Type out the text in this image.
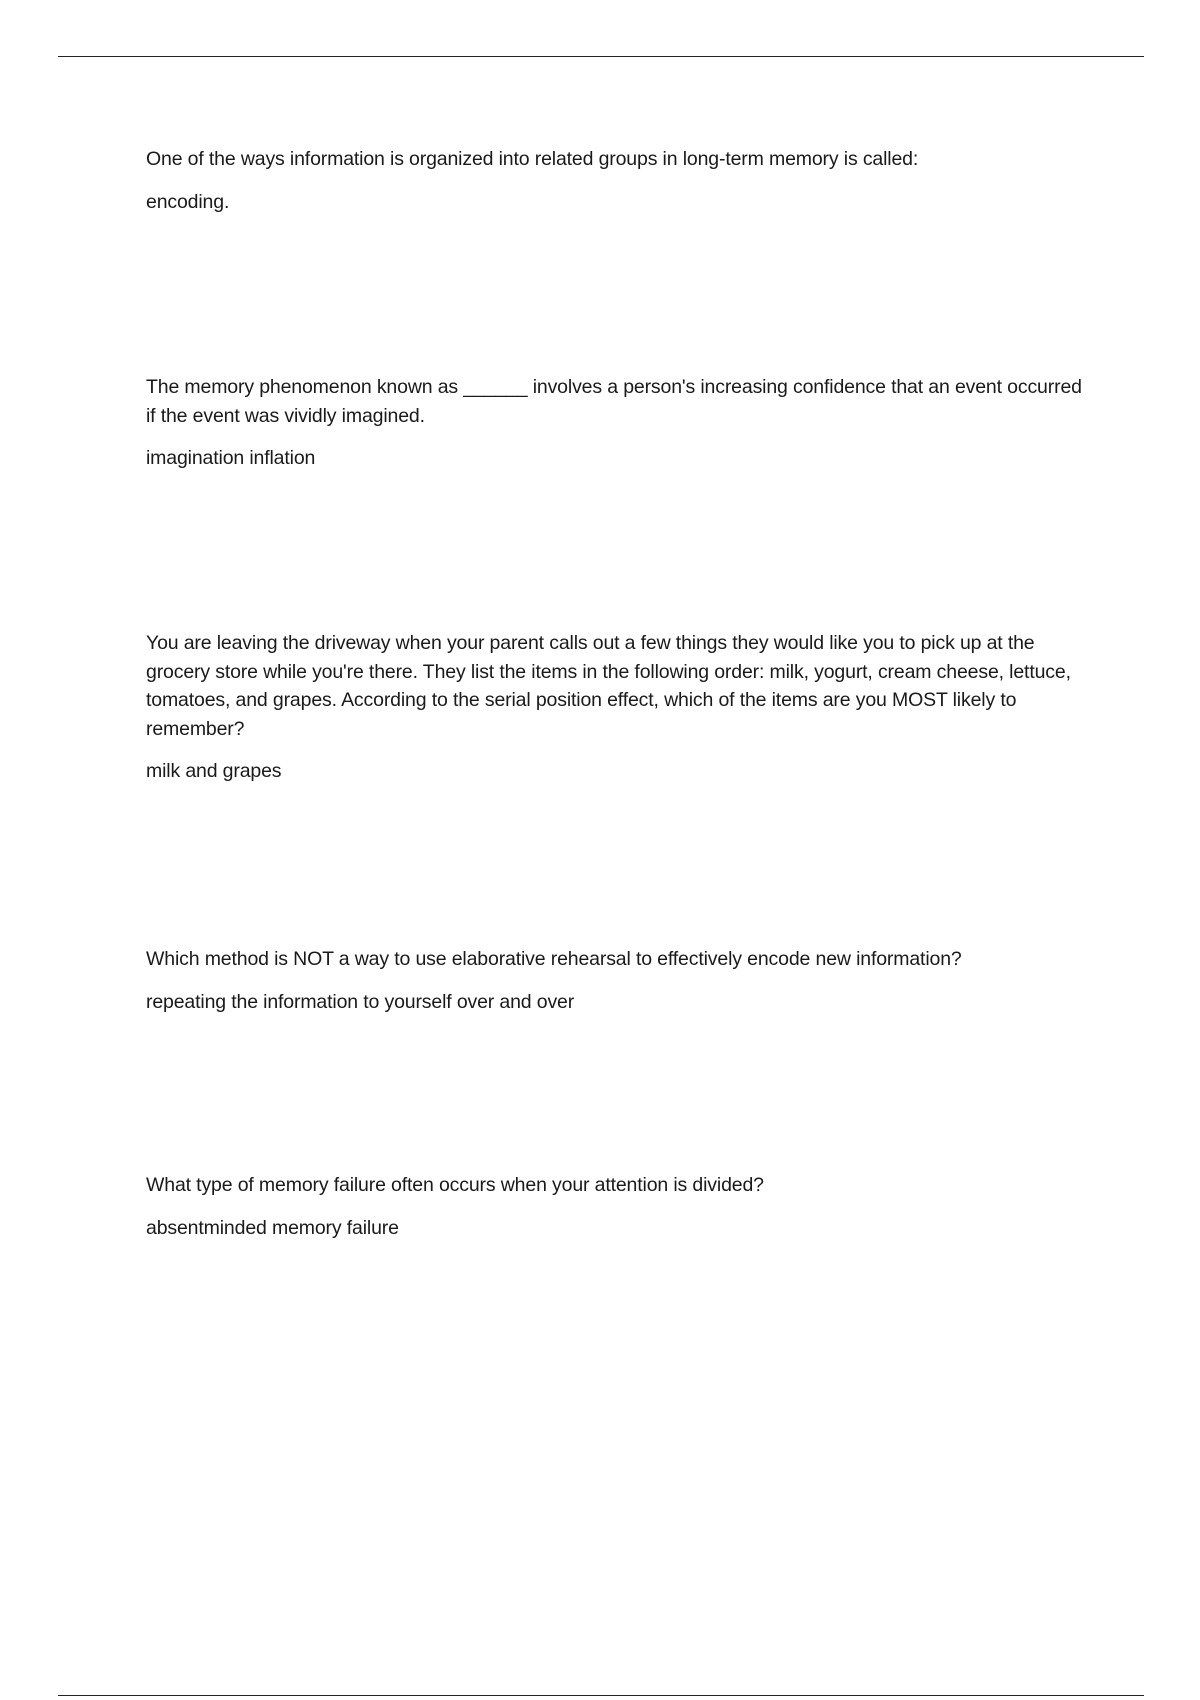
One of the ways information is organized into related groups in long-term memory is called:

encoding.

The memory phenomenon known as ______ involves a person's increasing confidence that an event occurred if the event was vividly imagined.

imagination inflation

You are leaving the driveway when your parent calls out a few things they would like you to pick up at the grocery store while you're there. They list the items in the following order: milk, yogurt, cream cheese, lettuce, tomatoes, and grapes. According to the serial position effect, which of the items are you MOST likely to remember?

milk and grapes

Which method is NOT a way to use elaborative rehearsal to effectively encode new information?

repeating the information to yourself over and over

What type of memory failure often occurs when your attention is divided?

absentminded memory failure
